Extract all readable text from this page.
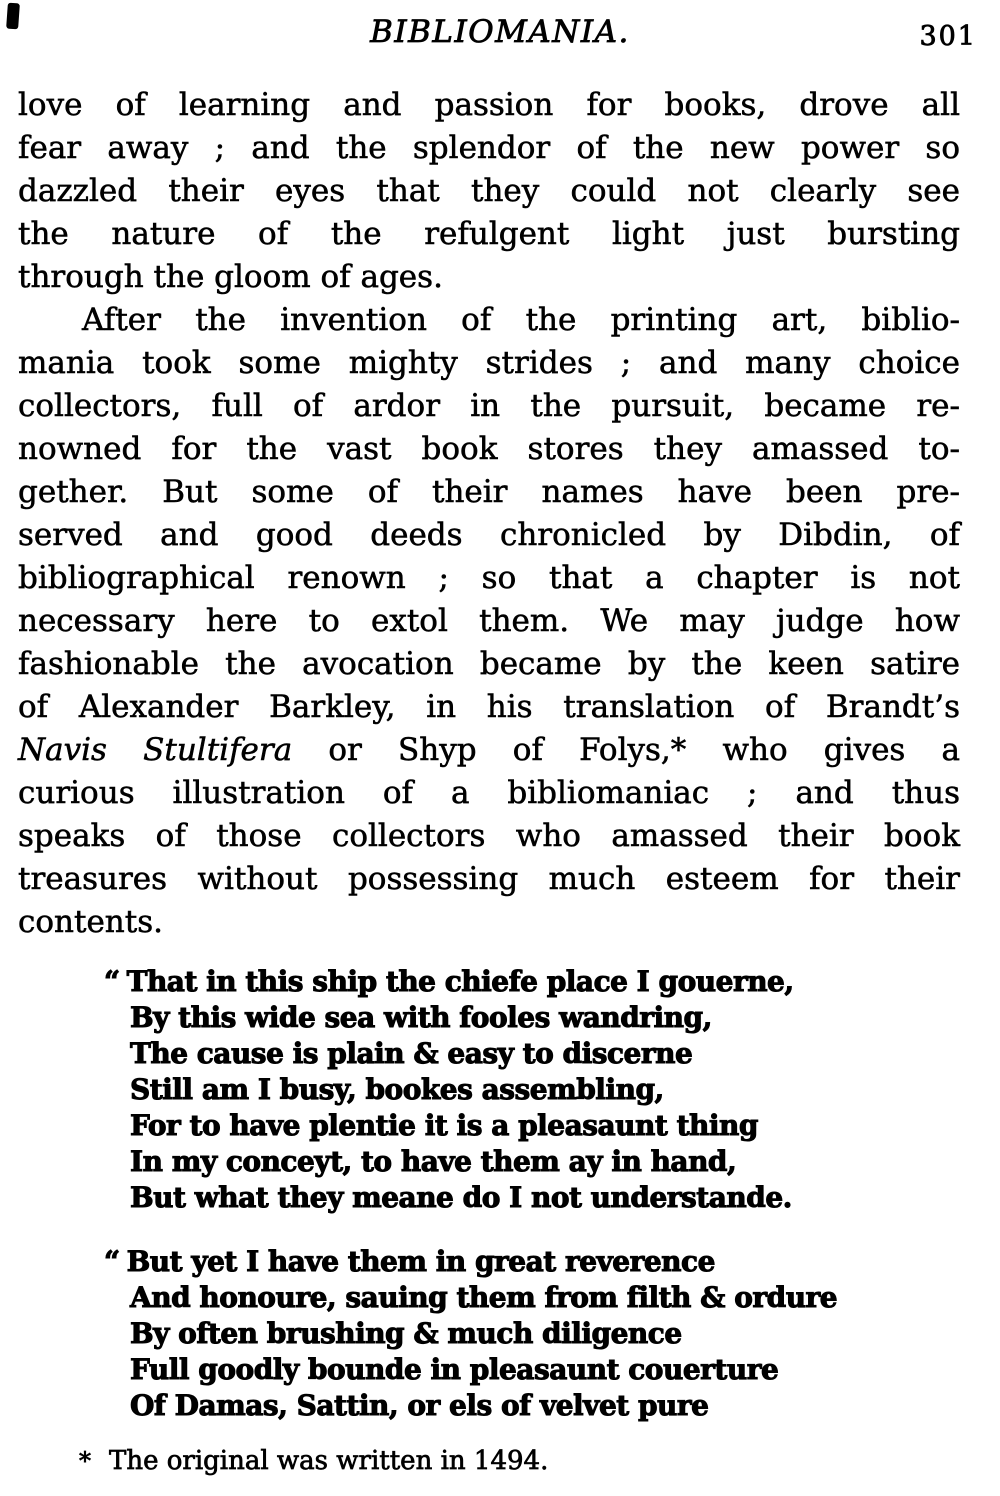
BIBLIOMANIA.	301
love of learning and passion for books, drove all
fear away ; and the splendor of the new power so
dazzled their eyes that they could not clearly see
the nature of the refulgent light just bursting
through the gloom of ages.
After the invention of the printing art, biblio-
mania took some mighty strides ; and many choice
collectors, full of ardor in the pursuit, became re-
nowned for the vast book stores they amassed to-
gether. But some of their names have been pre-
served and good deeds chronicled by Dibdin, of
bibliographical renown ; so that a chapter is not
necessary here to extol them. We may judge how
fashionable the avocation became by the keen satire
of Alexander Barkley, in his translation of Brandt’s
Navis Stultifera or Shyp of Folys,* who gives a
curious illustration of a bibliomaniac ; and thus
speaks of those collectors who amassed their book
treasures without possessing much esteem for their
contents.
“ That in this ship the chiefe place I gouerne,
By this wide sea with fooles wandring,
The cause is plain & easy to discerne
Still am I busy, bookes assembling,
For to have plentie it is a pleasaunt thing
In my conceyt, to have them ay in hand,
But what they meane do I not understande.
“ But yet I have them in great reverence
And honoure, sauing them from filth & ordure
By often brushing & much diligence
Full goodly bounde in pleasaunt couerture
Of Damas, Sattin, or els of velvet pure
* The original was written in 1494.
